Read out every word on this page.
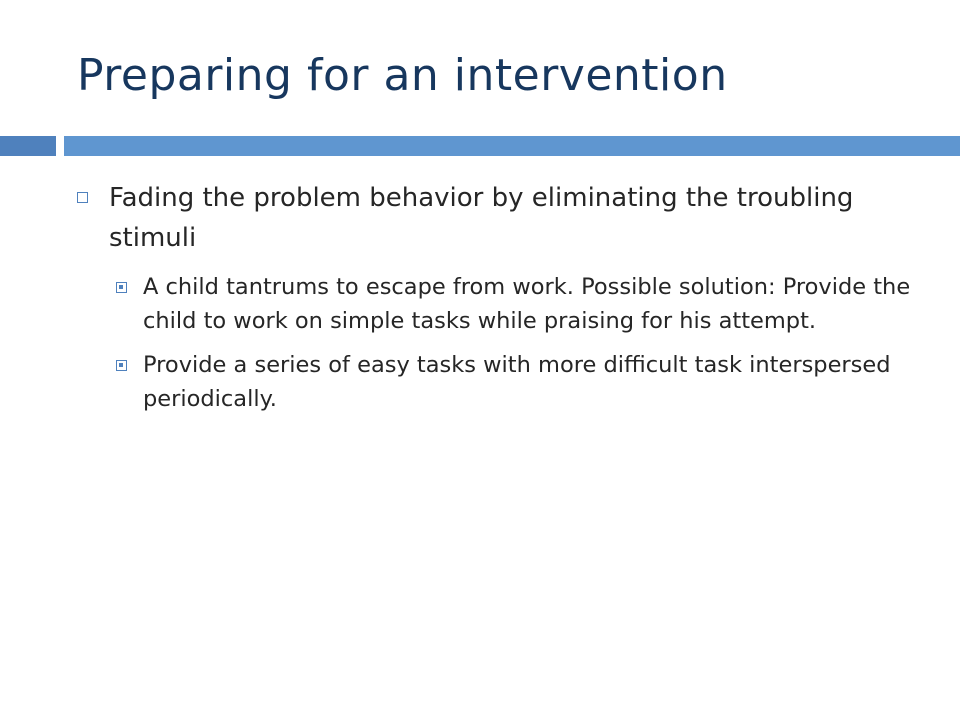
Preparing for an intervention
Fading the problem behavior by eliminating the troubling stimuli
A child tantrums to escape from work. Possible solution: Provide the child to work on simple tasks while praising for his attempt.
Provide a series of easy tasks with more difficult task interspersed periodically.
